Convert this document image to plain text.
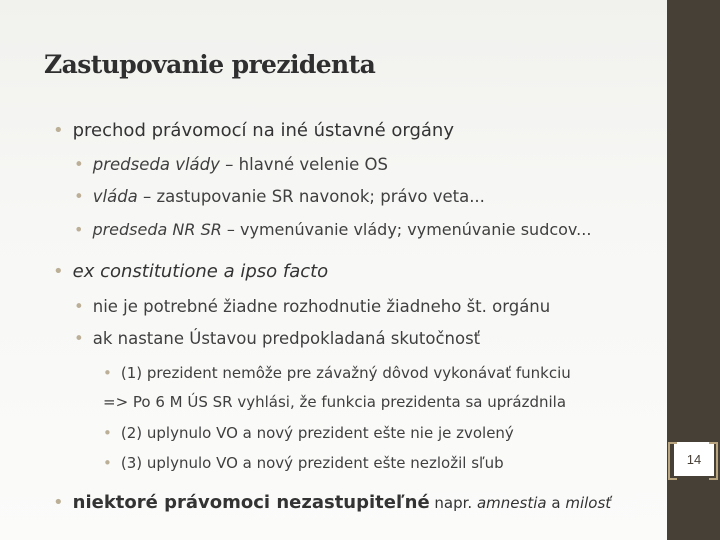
Zastupovanie prezidenta
• prechod právomocí na iné ústavné orgány
• predseda vlády – hlavné velenie OS
• vláda – zastupovanie SR navonok; právo veta...
• predseda NR SR – vymenúvanie vlády; vymenúvanie sudcov...
• ex constitutione a ipso facto
• nie je potrebné žiadne rozhodnutie žiadneho št. orgánu
• ak nastane Ústavou predpokladaná skutočnosť
• (1) prezident nemôže pre závažný dôvod vykonávať funkciu
=> Po 6 M ÚS SR vyhlási, že funkcia prezidenta sa uprázdnila
• (2) uplynulo VO a nový prezident ešte nie je zvolený
• (3) uplynulo VO a nový prezident ešte nezložil sľub
• niektoré právomoci nezastupiteľné napr. amnestia a milosť
14
